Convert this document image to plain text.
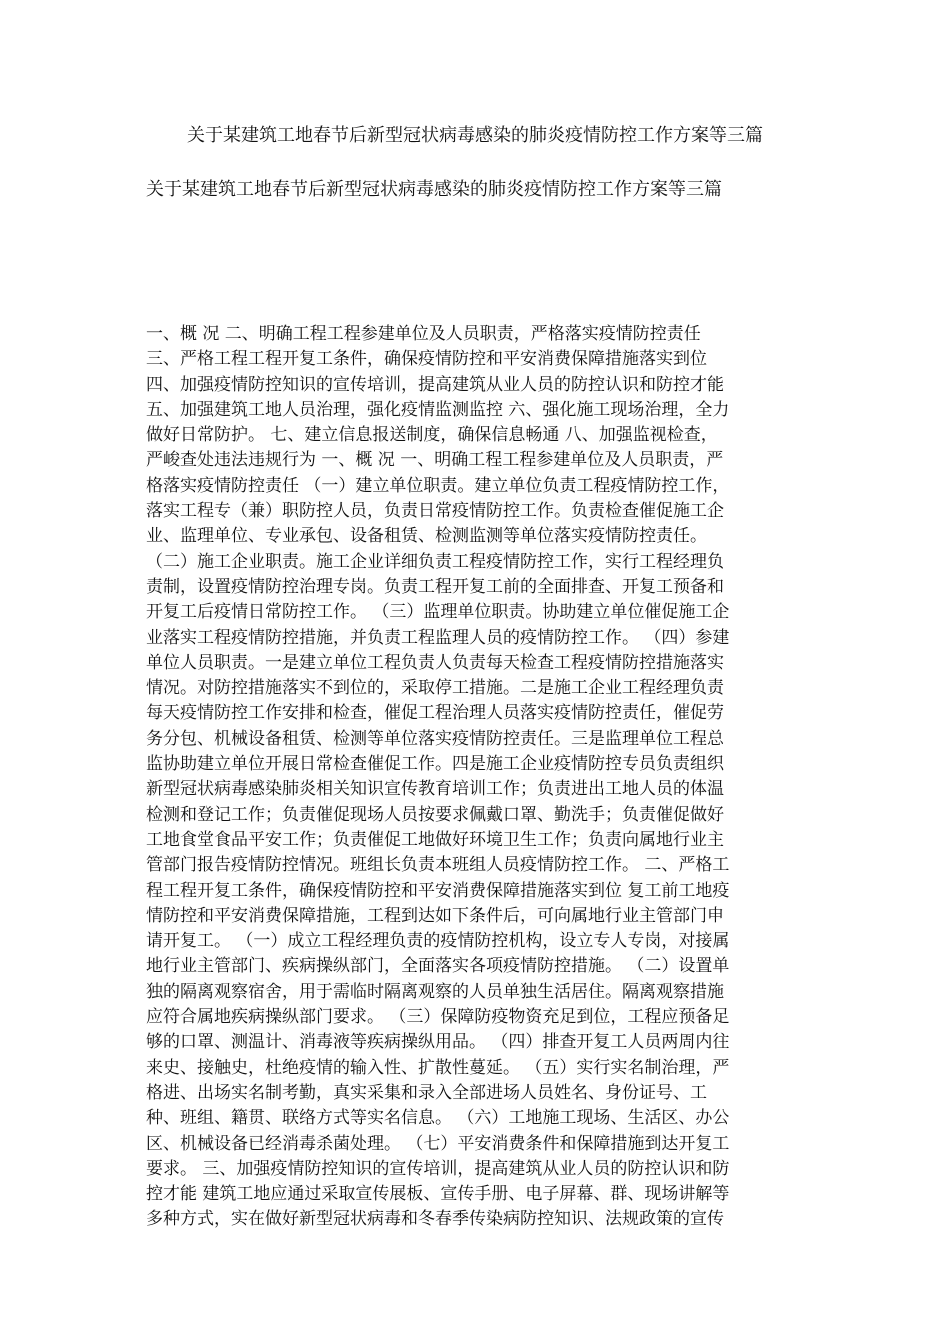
关于某建筑工地春节后新型冠状病毒感染的肺炎疫情防控工作方案等三篇
关于某建筑工地春节后新型冠状病毒感染的肺炎疫情防控工作方案等三篇
一、概 况 二、明确工程工程参建单位及人员职责，严格落实疫情防控责任
三、严格工程工程开复工条件，确保疫情防控和平安消费保障措施落实到位
四、加强疫情防控知识的宣传培训，提高建筑从业人员的防控认识和防控才能
五、加强建筑工地人员治理，强化疫情监测监控 六、强化施工现场治理，全力
做好日常防护。 七、建立信息报送制度，确保信息畅通 八、加强监视检查，
严峻查处违法违规行为 一、概 况 一、明确工程工程参建单位及人员职责，严
格落实疫情防控责任 （一）建立单位职责。建立单位负责工程疫情防控工作，
落实工程专（兼）职防控人员，负责日常疫情防控工作。负责检查催促施工企
业、监理单位、专业承包、设备租赁、检测监测等单位落实疫情防控责任。
（二）施工企业职责。施工企业详细负责工程疫情防控工作，实行工程经理负
责制，设置疫情防控治理专岗。负责工程开复工前的全面排查、开复工预备和
开复工后疫情日常防控工作。 （三）监理单位职责。协助建立单位催促施工企
业落实工程疫情防控措施，并负责工程监理人员的疫情防控工作。 （四）参建
单位人员职责。一是建立单位工程负责人负责每天检查工程疫情防控措施落实
情况。对防控措施落实不到位的，采取停工措施。二是施工企业工程经理负责
每天疫情防控工作安排和检查，催促工程治理人员落实疫情防控责任，催促劳
务分包、机械设备租赁、检测等单位落实疫情防控责任。三是监理单位工程总
监协助建立单位开展日常检查催促工作。四是施工企业疫情防控专员负责组织
新型冠状病毒感染肺炎相关知识宣传教育培训工作；负责进出工地人员的体温
检测和登记工作；负责催促现场人员按要求佩戴口罩、勤洗手；负责催促做好
工地食堂食品平安工作；负责催促工地做好环境卫生工作；负责向属地行业主
管部门报告疫情防控情况。班组长负责本班组人员疫情防控工作。 二、严格工
程工程开复工条件，确保疫情防控和平安消费保障措施落实到位 复工前工地疫
情防控和平安消费保障措施，工程到达如下条件后，可向属地行业主管部门申
请开复工。 （一）成立工程经理负责的疫情防控机构，设立专人专岗，对接属
地行业主管部门、疾病操纵部门，全面落实各项疫情防控措施。 （二）设置单
独的隔离观察宿舍，用于需临时隔离观察的人员单独生活居住。隔离观察措施
应符合属地疾病操纵部门要求。 （三）保障防疫物资充足到位，工程应预备足
够的口罩、测温计、消毒液等疾病操纵用品。 （四）排查开复工人员两周内往
来史、接触史，杜绝疫情的输入性、扩散性蔓延。 （五）实行实名制治理，严
格进、出场实名制考勤，真实采集和录入全部进场人员姓名、身份证号、工
种、班组、籍贯、联络方式等实名信息。 （六）工地施工现场、生活区、办公
区、机械设备已经消毒杀菌处理。 （七）平安消费条件和保障措施到达开复工
要求。 三、加强疫情防控知识的宣传培训，提高建筑从业人员的防控认识和防
控才能 建筑工地应通过采取宣传展板、宣传手册、电子屏幕、群、现场讲解等
多种方式，实在做好新型冠状病毒和冬春季传染病防控知识、法规政策的宣传
